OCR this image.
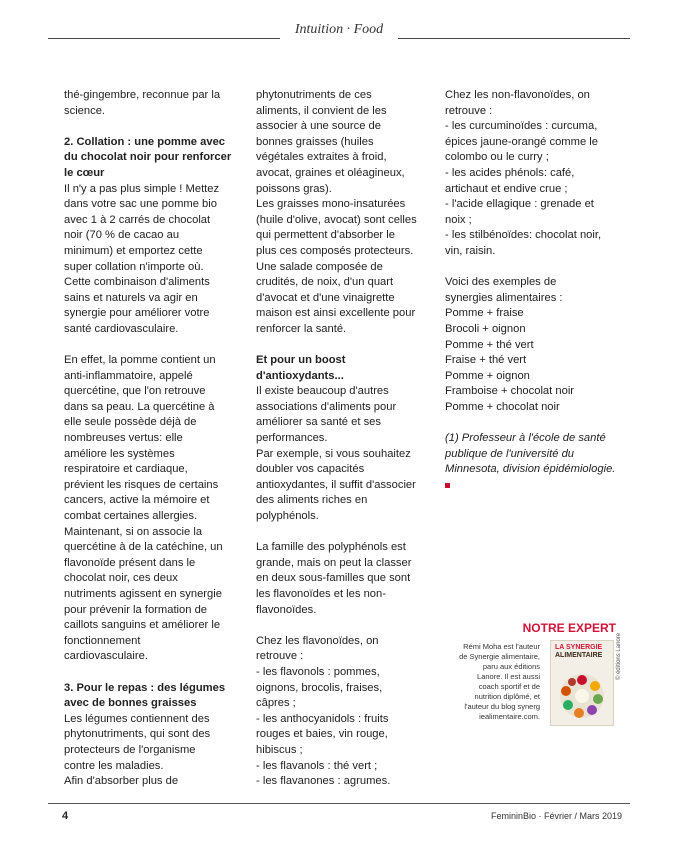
Intuition · Food

thé-gingembre, reconnue par la
science.

2. Collation : une pomme avec
du chocolat noir pour renforcer
le cœur

Il n'y a pas plus simple ! Mettez
dans votre sac une pomme bio
avec 1 à 2 carrés de chocolat
noir (70 % de cacao au
minimum) et emportez cette
super collation n'importe où.
Cette combinaison d'aliments
sains et naturels va agir en
synergie pour améliorer votre
santé cardiovasculaire.

En effet, la pomme contient un
anti-inflammatoire, appelé
quercétine, que l'on retrouve
dans sa peau. La quercétine à
elle seule possède déjà de
nombreuses vertus: elle
améliore les systèmes
respiratoire et cardiaque,
prévient les risques de certains
cancers, active la mémoire et
combat certaines allergies.
Maintenant, si on associe la
quercétine à de la catéchine, un
flavonoïde présent dans le
chocolat noir, ces deux
nutriments agissent en synergie
pour prévenir la formation de
caillots sanguins et améliorer le
fonctionnement
cardiovasculaire.

3. Pour le repas : des légumes
avec de bonnes graisses

Les légumes contiennent des
phytonutriments, qui sont des
protecteurs de l'organisme
contre les maladies.
Afin d'absorber plus de

phytonutriments de ces
aliments, il convient de les
associer à une source de
bonnes graisses (huiles
végétales extraites à froid,
avocat, graines et oléagineux,
poissons gras).
Les graisses mono-insaturées
(huile d'olive, avocat) sont celles
qui permettent d'absorber le
plus ces composés protecteurs.
Une salade composée de
crudités, de noix, d'un quart
d'avocat et d'une vinaigrette
maison est ainsi excellente pour
renforcer la santé.

Et pour un boost
d'antioxydants...

Il existe beaucoup d'autres
associations d'aliments pour
améliorer sa santé et ses
performances.
Par exemple, si vous souhaitez
doubler vos capacités
antioxydantes, il suffit d'associer
des aliments riches en
polyphénols.

La famille des polyphénols est
grande, mais on peut la classer
en deux sous-familles que sont
les flavonoïdes et les non-
flavonoïdes.

Chez les flavonoïdes, on
retrouve :
- les flavonols : pommes,
oignons, brocolis, fraises,
câpres ;
- les anthocyanidols : fruits
rouges et baies, vin rouge,
hibiscus ;
- les flavanols : thé vert ;
- les flavanones : agrumes.

Chez les non-flavonoïdes, on
retrouve :
- les curcuminoïdes : curcuma,
épices jaune-orangé comme le
colombo ou le curry ;
- les acides phénols: café,
artichaut et endive crue ;
- l'acide ellagique : grenade et
noix ;
- les stilbénoïdes: chocolat noir,
vin, raisin.

Voici des exemples de
synergies alimentaires :
Pomme + fraise
Brocoli + oignon
Pomme + thé vert
Fraise + thé vert
Pomme + oignon
Framboise + chocolat noir
Pomme + chocolat noir

(1) Professeur à l'école de santé
publique de l'université du
Minnesota, division épidémiologie.

NOTRE EXPERT
Rémi Moha est l'auteur
de Synergie alimentaire,
paru aux éditions
Lanore. Il est aussi
coach sportif et de
nutrition diplômé, et
l'auteur du blog synerg
iealimentaire.com.
LA SYNERGIE
ALIMENTAIRE © éditions Lanore
4	FemininBio · Février / Mars 2019
